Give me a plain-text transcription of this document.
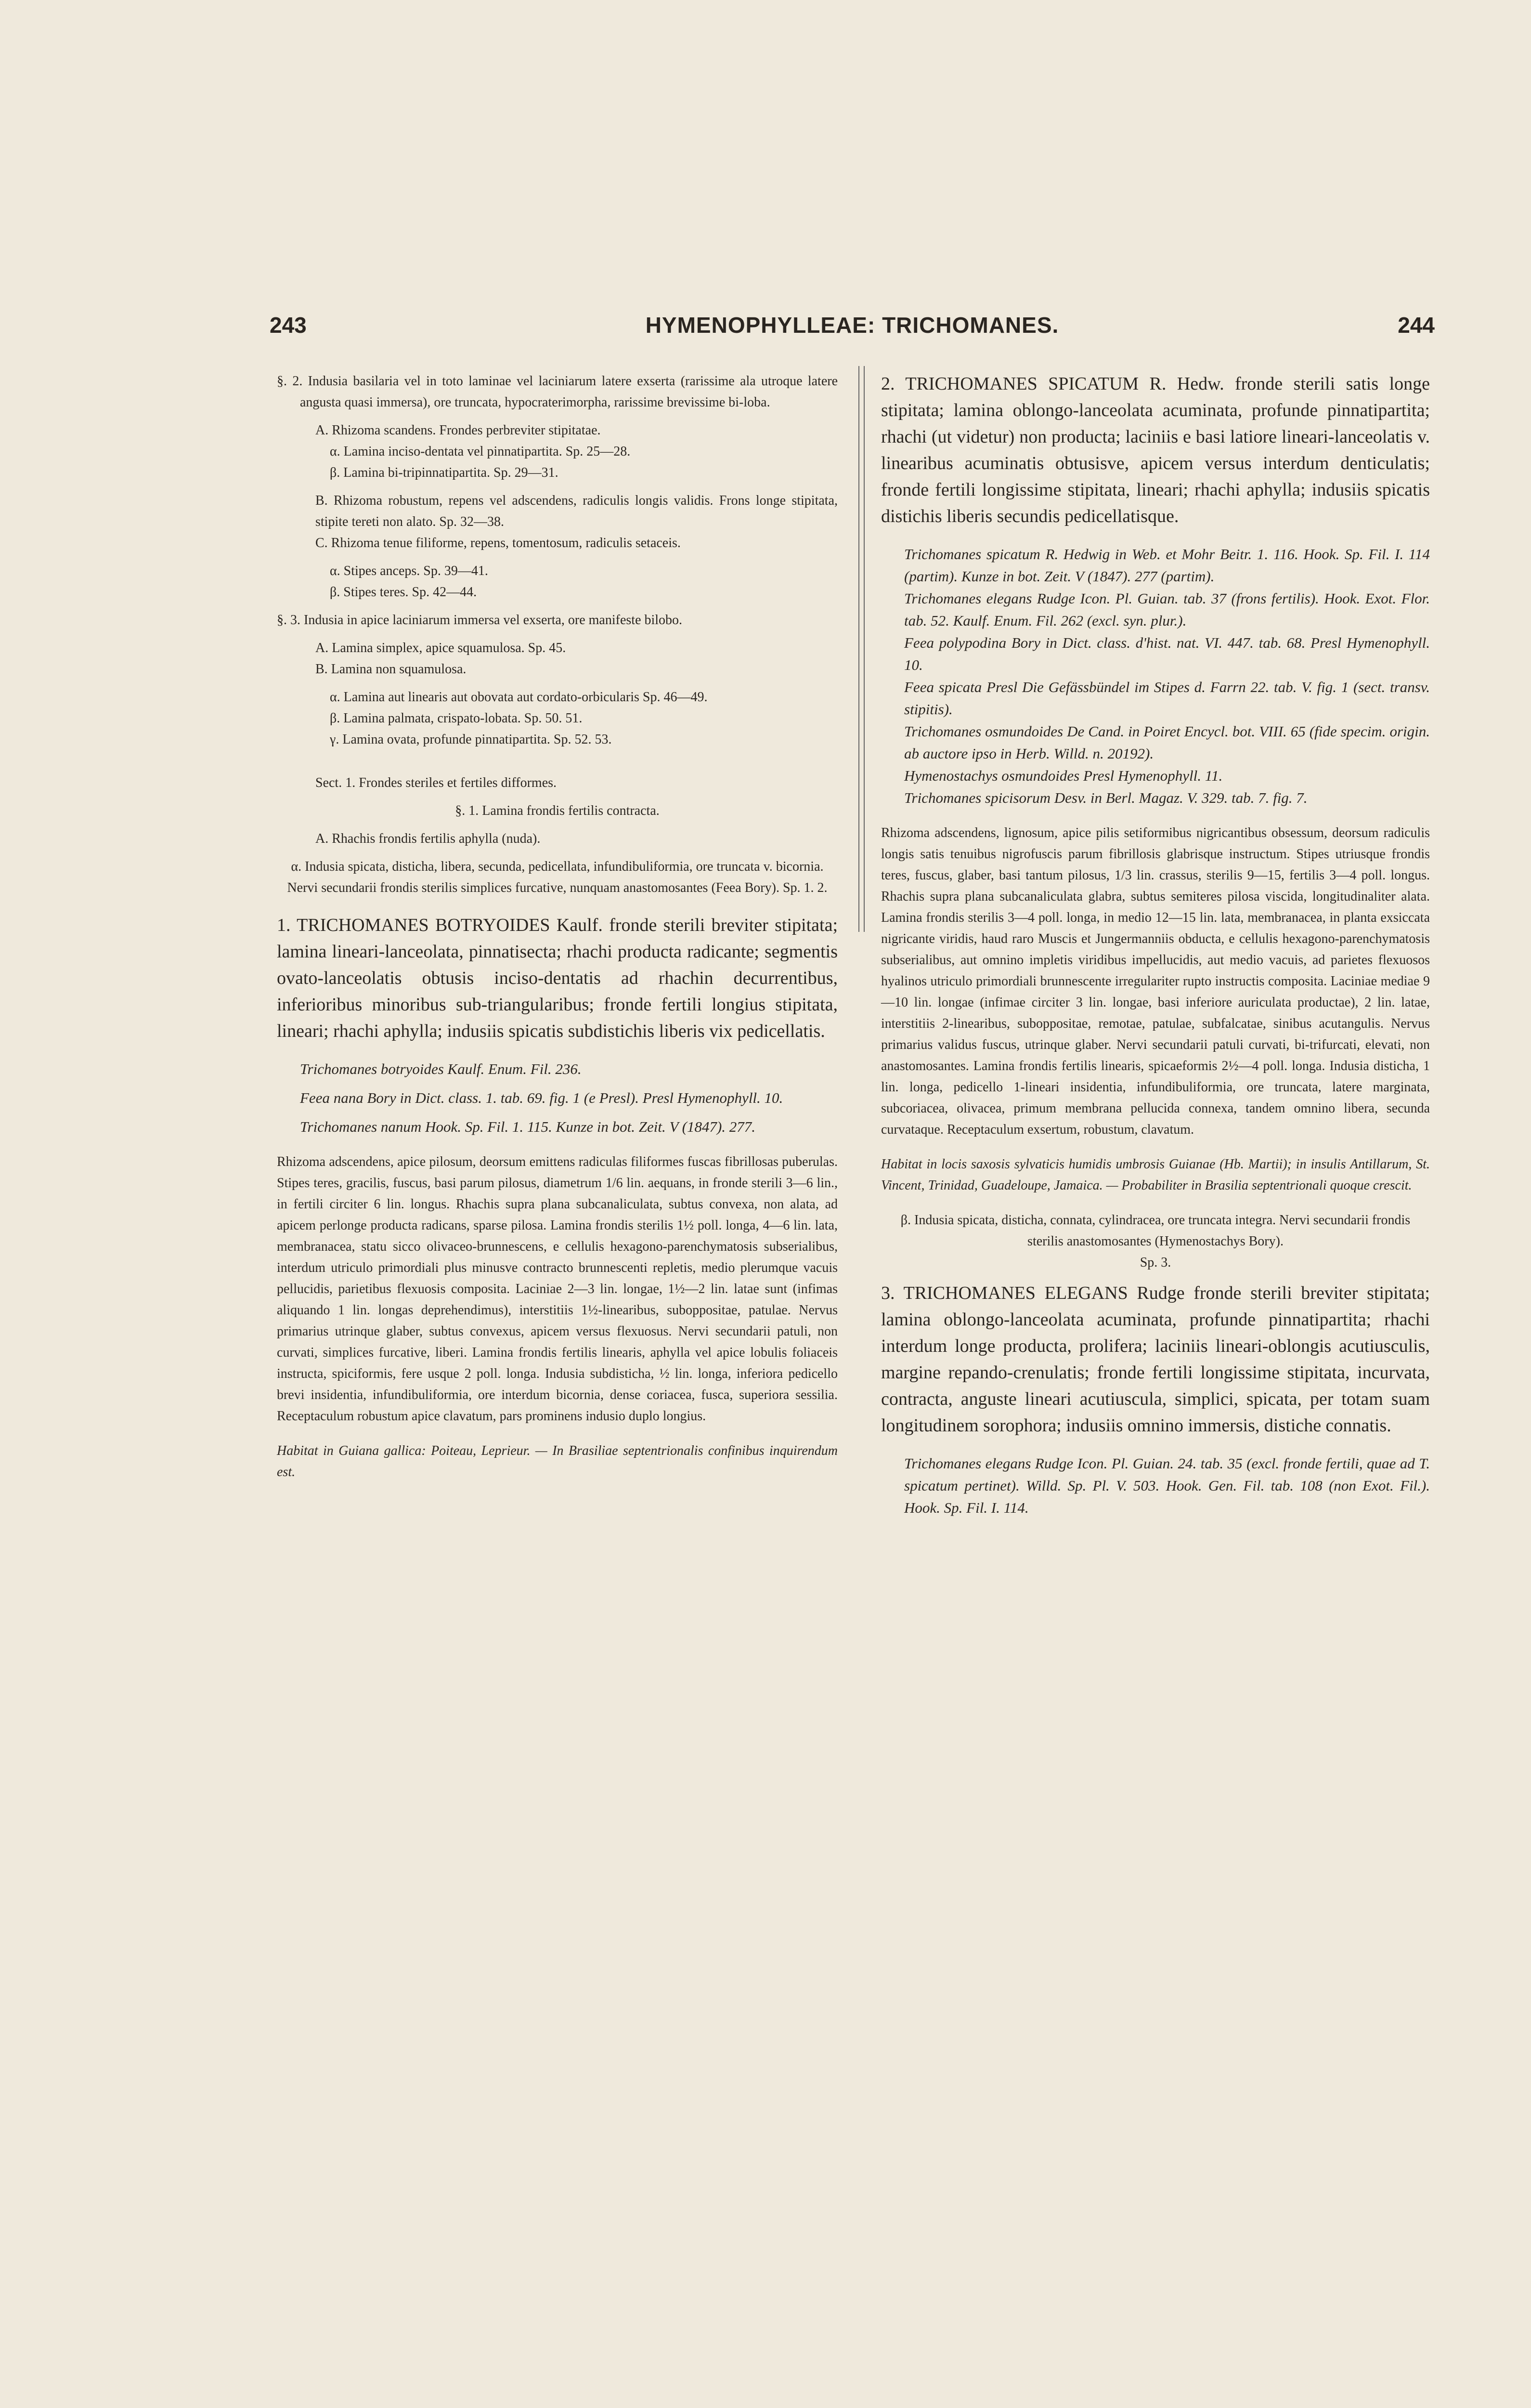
243	HYMENOPHYLLEAE: TRICHOMANES.	244

§. 2. Indusia basilaria vel in toto laminae vel laciniarum latere exserta (rarissime ala utroque latere angusta quasi immersa), ore truncata, hypocraterimorpha, rarissime brevissime bi-loba.

A. Rhizoma scandens. Frondes perbreviter stipitatae.

α. Lamina inciso-dentata vel pinnatipartita. Sp. 25—28.

β. Lamina bi-tripinnatipartita. Sp. 29—31.

B. Rhizoma robustum, repens vel adscendens, radiculis longis validis. Frons longe stipitata, stipite tereti non alato. Sp. 32—38.

C. Rhizoma tenue filiforme, repens, tomentosum, radiculis setaceis.

α. Stipes anceps. Sp. 39—41.

β. Stipes teres. Sp. 42—44.

§. 3. Indusia in apice laciniarum immersa vel exserta, ore manifeste bilobo.

A. Lamina simplex, apice squamulosa. Sp. 45.

B. Lamina non squamulosa.

α. Lamina aut linearis aut obovata aut cordato-orbicularis Sp. 46—49.

β. Lamina palmata, crispato-lobata. Sp. 50. 51.

γ. Lamina ovata, profunde pinnatipartita. Sp. 52. 53.

Sect. 1. Frondes steriles et fertiles difformes.

§. 1. Lamina frondis fertilis contracta.

A. Rhachis frondis fertilis aphylla (nuda).

α. Indusia spicata, disticha, libera, secunda, pedicellata, infundibuliformia, ore truncata v. bicornia. Nervi secundarii frondis sterilis simplices furcative, nunquam anastomosantes (Feea Bory). Sp. 1. 2.

1. TRICHOMANES BOTRYOIDES Kaulf. fronde sterili breviter stipitata; lamina lineari-lanceolata, pinnatisecta; rhachi producta radicante; segmentis ovato-lanceolatis obtusis inciso-dentatis ad rhachin decurrentibus, inferioribus minoribus sub-triangularibus; fronde fertili longius stipitata, lineari; rhachi aphylla; indusiis spicatis subdistichis liberis vix pedicellatis.

Trichomanes botryoides Kaulf. Enum. Fil. 236.

Feea nana Bory in Dict. class. 1. tab. 69. fig. 1 (e Presl). Presl Hymenophyll. 10.

Trichomanes nanum Hook. Sp. Fil. 1. 115. Kunze in bot. Zeit. V (1847). 277.

Rhizoma adscendens, apice pilosum, deorsum emittens radiculas filiformes fuscas fibrillosas puberulas. Stipes teres, gracilis, fuscus, basi parum pilosus, diametrum 1/6 lin. aequans, in fronde sterili 3—6 lin., in fertili circiter 6 lin. longus. Rhachis supra plana subcanaliculata, subtus convexa, non alata, ad apicem perlonge producta radicans, sparse pilosa. Lamina frondis sterilis 1½ poll. longa, 4—6 lin. lata, membranacea, statu sicco olivaceo-brunnescens, e cellulis hexagono-parenchymatosis subserialibus, interdum utriculo primordiali plus minusve contracto brunnescenti repletis, medio plerumque vacuis pellucidis, parietibus flexuosis composita. Laciniae 2—3 lin. longae, 1½—2 lin. latae sunt (infimas aliquando 1 lin. longas deprehendimus), interstitiis 1½-linearibus, suboppositae, patulae. Nervus primarius utrinque glaber, subtus convexus, apicem versus flexuosus. Nervi secundarii patuli, non curvati, simplices furcative, liberi. Lamina frondis fertilis linearis, aphylla vel apice lobulis foliaceis instructa, spiciformis, fere usque 2 poll. longa. Indusia subdisticha, ½ lin. longa, inferiora pedicello brevi insidentia, infundibuliformia, ore interdum bicornia, dense coriacea, fusca, superiora sessilia. Receptaculum robustum apice clavatum, pars prominens indusio duplo longius.

Habitat in Guiana gallica: Poiteau, Leprieur. — In Brasiliae septentrionalis confinibus inquirendum est.

2. TRICHOMANES SPICATUM R. Hedw. fronde sterili satis longe stipitata; lamina oblongo-lanceolata acuminata, profunde pinnatipartita; rhachi (ut videtur) non producta; laciniis e basi latiore lineari-lanceolatis v. linearibus acuminatis obtusisve, apicem versus interdum denticulatis; fronde fertili longissime stipitata, lineari; rhachi aphylla; indusiis spicatis distichis liberis secundis pedicellatisque.

Trichomanes spicatum R. Hedwig in Web. et Mohr Beitr. 1. 116. Hook. Sp. Fil. I. 114 (partim). Kunze in bot. Zeit. V (1847). 277 (partim).

Trichomanes elegans Rudge Icon. Pl. Guian. tab. 37 (frons fertilis). Hook. Exot. Flor. tab. 52. Kaulf. Enum. Fil. 262 (excl. syn. plur.).

Feea polypodina Bory in Dict. class. d'hist. nat. VI. 447. tab. 68. Presl Hymenophyll. 10.

Feea spicata Presl Die Gefässbündel im Stipes d. Farrn 22. tab. V. fig. 1 (sect. transv. stipitis).

Trichomanes osmundoides De Cand. in Poiret Encycl. bot. VIII. 65 (fide specim. origin. ab auctore ipso in Herb. Willd. n. 20192).

Hymenostachys osmundoides Presl Hymenophyll. 11.

Trichomanes spicisorum Desv. in Berl. Magaz. V. 329. tab. 7. fig. 7.

Rhizoma adscendens, lignosum, apice pilis setiformibus nigricantibus obsessum, deorsum radiculis longis satis tenuibus nigrofuscis parum fibrillosis glabrisque instructum. Stipes utriusque frondis teres, fuscus, glaber, basi tantum pilosus, 1/3 lin. crassus, sterilis 9—15, fertilis 3—4 poll. longus. Rhachis supra plana subcanaliculata glabra, subtus semiteres pilosa viscida, longitudinaliter alata. Lamina frondis sterilis 3—4 poll. longa, in medio 12—15 lin. lata, membranacea, in planta exsiccata nigricante viridis, haud raro Muscis et Jungermanniis obducta, e cellulis hexagono-parenchymatosis subserialibus, aut omnino impletis viridibus impellucidis, aut medio vacuis, ad parietes flexuosos hyalinos utriculo primordiali brunnescente irregulariter rupto instructis composita. Laciniae mediae 9—10 lin. longae (infimae circiter 3 lin. longae, basi inferiore auriculata productae), 2 lin. latae, interstitiis 2-linearibus, suboppositae, remotae, patulae, subfalcatae, sinibus acutangulis. Nervus primarius validus fuscus, utrinque glaber. Nervi secundarii patuli curvati, bi-trifurcati, elevati, non anastomosantes. Lamina frondis fertilis linearis, spicaeformis 2½—4 poll. longa. Indusia disticha, 1 lin. longa, pedicello 1-lineari insidentia, infundibuliformia, ore truncata, latere marginata, subcoriacea, olivacea, primum membrana pellucida connexa, tandem omnino libera, secunda curvataque. Receptaculum exsertum, robustum, clavatum.

Habitat in locis saxosis sylvaticis humidis umbrosis Guianae (Hb. Martii); in insulis Antillarum, St. Vincent, Trinidad, Guadeloupe, Jamaica. — Probabiliter in Brasilia septentrionali quoque crescit.

β. Indusia spicata, disticha, connata, cylindracea, ore truncata integra. Nervi secundarii frondis sterilis anastomosantes (Hymenostachys Bory).

Sp. 3.

3. TRICHOMANES ELEGANS Rudge fronde sterili breviter stipitata; lamina oblongo-lanceolata acuminata, profunde pinnatipartita; rhachi interdum longe producta, prolifera; laciniis lineari-oblongis acutiusculis, margine repando-crenulatis; fronde fertili longissime stipitata, incurvata, contracta, anguste lineari acutiuscula, simplici, spicata, per totam suam longitudinem sorophora; indusiis omnino immersis, distiche connatis.

Trichomanes elegans Rudge Icon. Pl. Guian. 24. tab. 35 (excl. fronde fertili, quae ad T. spicatum pertinet). Willd. Sp. Pl. V. 503. Hook. Gen. Fil. tab. 108 (non Exot. Fil.). Hook. Sp. Fil. I. 114.
